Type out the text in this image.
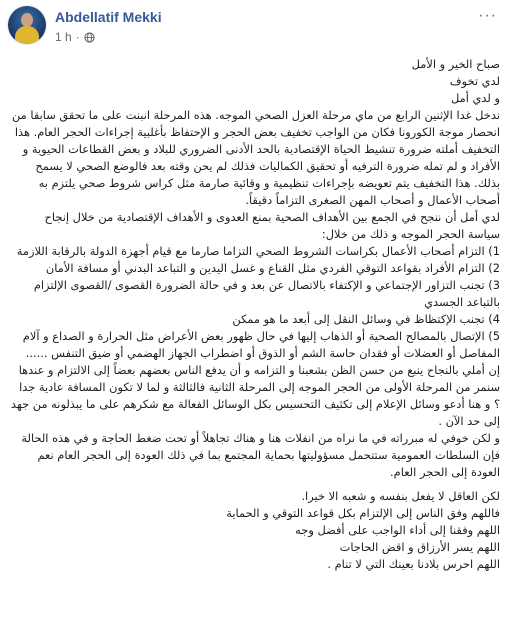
Abdellatif Mekki
1 h ·
···

صباح الخير و الأمل

لدي تخوف

و لدي أمل

ندخل غدا الإثنين الرابع من ماي مرحلة العزل الصحي الموجه. هذه المرحلة انبنت على ما تحقق سابقا من انحصار موجة الكورونا فكان من الواجب تخفيف بعض الحجر و الإحتفاظ بأغلبية إجراءات الحجر العام. هذا التخفيف أملته ضرورة تنشيط الحياة الإقتصادية بالحد الأدنى الضروري للبلاد و بعض القطاعات الحيوية و الأفراد و لم تمله ضرورة الترفيه أو تحقيق الكماليات فذلك لم يحن وقته بعد فالوضع الصحي لا يسمح بذلك. هذا التخفيف يتم تعويضه بإجراءات تنظيمية و وقائية صارمة مثل كراس شروط صحي يلتزم به أصحاب الأعمال و أصحاب المهن الصغرى التزاماً دقيقاً.

لدي أمل أن ننجح في الجمع بين الأهداف الصحية بمنع العدوى و الأهداف الإقتصادية من خلال إنجاح سياسة الحجر الموجه و ذلك من خلال:

1) التزام أصحاب الأعمال بكراسات الشروط الصحي التزاما صارما مع قيام أجهزة الدولة بالرقابة اللازمة

2) التزام الأفراد بقواعد التوقي الفردي مثل القناع و غسل اليدين و التباعد البدني أو مسافة الأمان

3) تجنب التزاور الإجتماعي و الإكتفاء بالاتصال عن بعد و في حالة الضرورة القصوى /القصوى الإلتزام بالتباعد الجسدي

4) تجنب الإكتظاظ في وسائل النقل إلى أبعد ما هو ممكن

5) الإتصال بالمصالح الصحية أو الذهاب إليها في حال ظهور بعض الأعراض مثل الحرارة و الصداع و آلام المفاصل أو العضلات أو فقدان حاسة الشم أو الذوق أو اضطراب الجهاز الهضمي أو ضيق التنفس ......

إن أملي بالنجاح ينبع من حسن الظن بشعبنا و التزامه و أن يدفع الناس بعضهم بعضاً إلى الالتزام و عندها سنمر من المرحلة الأولى من الحجر الموجه إلى المرحلة الثانية فالثالثة و لما لا تكون المسافة عادية جدا ؟ و هنا أدعو وسائل الإعلام إلى تكثيف التحسيس بكل الوسائل الفعالة مع شكرهم على ما يبذلونه من جهد إلى حد الآن .

و لكن خوفي له مبرراته في ما نراه من انفلات هنا و هناك تجاهلاً أو تحت ضغط الحاجة و في هذه الحالة فإن السلطات العمومية ستتحمل مسؤوليتها بحماية المجتمع بما في ذلك العودة إلى الحجر العام نعم العودة إلى الحجر العام.

لكن العاقل لا يفعل بنفسه و شعبه الا خيرا.

فاللهم وفق الناس إلى الإلتزام بكل قواعد التوقي و الحماية

اللهم وفقنا إلى أداء الواجب على أفضل وجه

اللهم يسر الأرزاق و اقض الحاجات

اللهم احرس بلادنا بعينك التي لا تنام .
